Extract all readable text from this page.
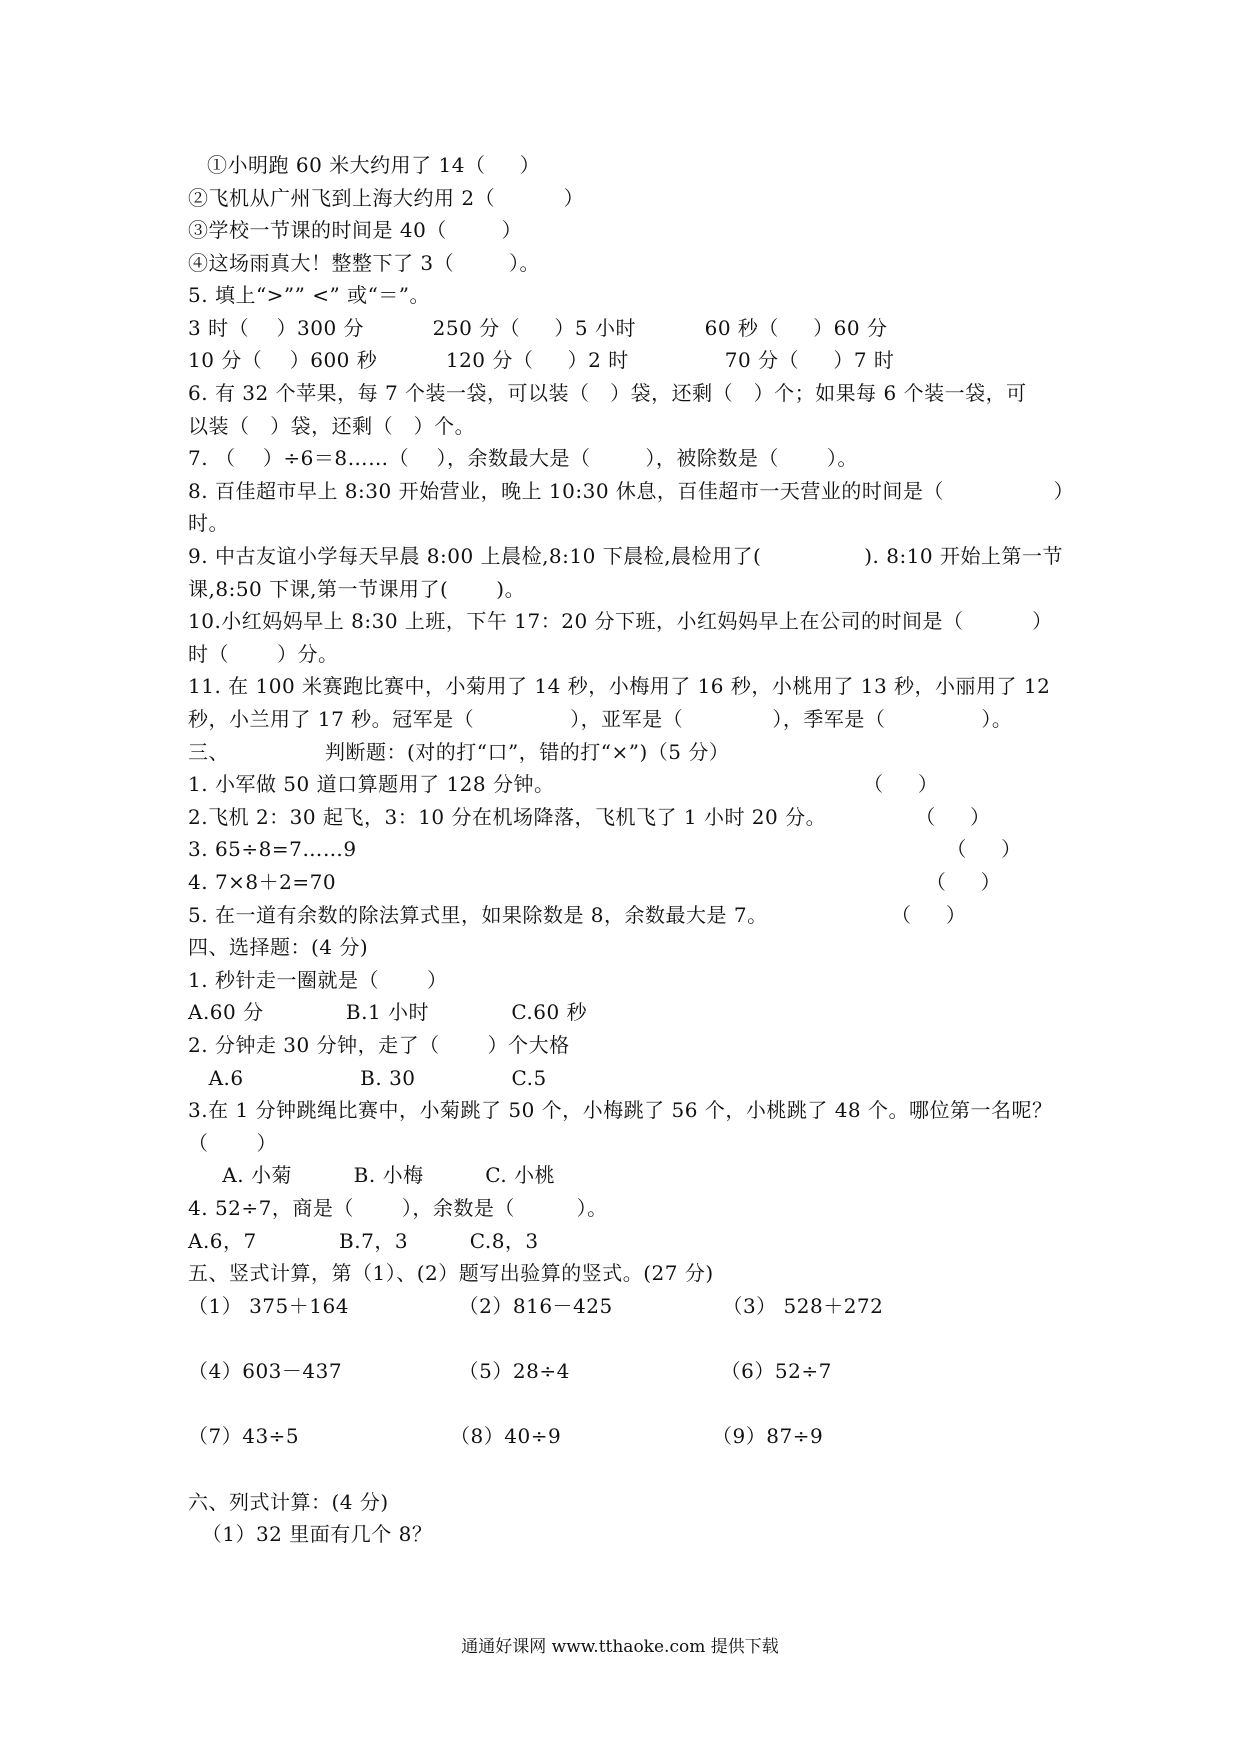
①小明跑 60 米大约用了 14（     ）
②飞机从广州飞到上海大约用 2（          ）
③学校一节课的时间是 40（        ）
④这场雨真大！整整下了 3（        ）。
5. 填上“>”” <” 或“＝”。
3 时（    ）300 分          250 分（     ）5 小时          60 秒（     ）60 分
10 分（    ）600 秒          120 分（     ）2 时              70 分（     ）7 时
6. 有 32 个苹果，每 7 个装一袋，可以装（   ）袋，还剩（   ）个；如果每 6 个装一袋，可
以装（   ）袋，还剩（   ）个。
7. （    ）÷6＝8……（    ），余数最大是（        ），被除数是（       ）。
8. 百佳超市早上 8:30 开始营业，晚上 10:30 休息，百佳超市一天营业的时间是（                ）
时。
9. 中古友谊小学每天早晨 8:00 上晨检,8:10 下晨检,晨检用了(               ). 8:10 开始上第一节
课,8:50 下课,第一节课用了(       )。
10.小红妈妈早上 8:30 上班，下午 17：20 分下班，小红妈妈早上在公司的时间是（          ）
时（       ）分。
11. 在 100 米赛跑比赛中，小菊用了 14 秒，小梅用了 16 秒，小桃用了 13 秒，小丽用了 12
秒，小兰用了 17 秒。冠军是（              ），亚军是（             ），季军是（              ）。
三、              判断题：(对的打“口”，错的打“×”)（5 分）
1. 小军做 50 道口算题用了 128 分钟。                                             （     ）
2.飞机 2：30 起飞，3：10 分在机场降落，飞机飞了 1 小时 20 分。             （     ）
3. 65÷8=7……9                                                                                      （     ）
4. 7×8＋2=70                                                                                      （     ）
5. 在一道有余数的除法算式里，如果除数是 8，余数最大是 7。                  （     ）
四、选择题：(4 分)
1. 秒针走一圈就是（       ）
A.60 分            B.1 小时            C.60 秒
2. 分钟走 30 分钟，走了（       ）个大格
A.6                 B. 30              C.5
3.在 1 分钟跳绳比赛中，小菊跳了 50 个，小梅跳了 56 个，小桃跳了 48 个。哪位第一名呢？
（       ）
A. 小菊         B. 小梅         C. 小桃
4. 52÷7，商是（       ），余数是（         ）。
A.6，7            B.7，3         C.8，3
五、竖式计算，第（1）、(2）题写出验算的竖式。(27 分)
（1） 375＋164                （2）816－425                （3） 528＋272
（4）603－437                 （5）28÷4                      （6）52÷7
（7）43÷5                      （8）40÷9                      （9）87÷9
六、列式计算：(4 分)
（1）32 里面有几个 8？
通通好课网 www.tthaoke.com 提供下载
